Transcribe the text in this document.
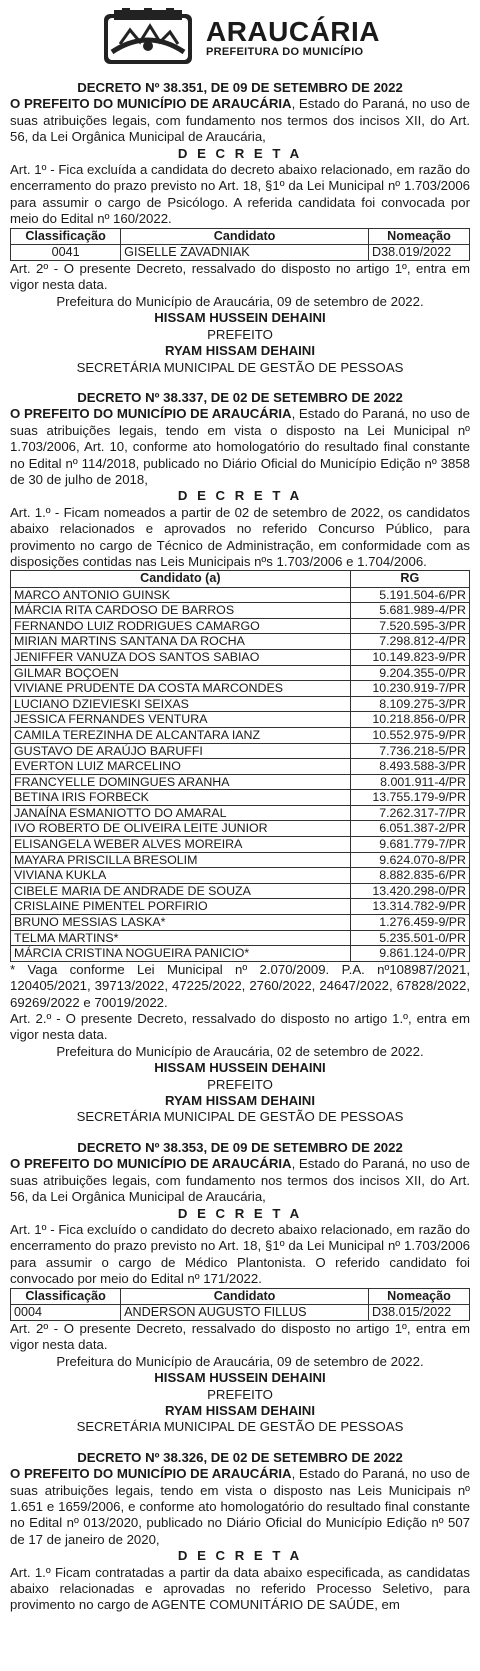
ARAUCÁRIA
PREFEITURA DO MUNICÍPIO
DECRETO Nº 38.351, DE 09 DE SETEMBRO DE 2022

O PREFEITO DO MUNICÍPIO DE ARAUCÁRIA, Estado do Paraná, no uso de suas atribuições legais, com fundamento nos termos dos incisos XII, do Art. 56, da Lei Orgânica Municipal de Araucária,

D E C R E T A

Art. 1º - Fica excluída a candidata do decreto abaixo relacionado, em razão do encerramento do prazo previsto no Art. 18, §1º da Lei Municipal nº 1.703/2006 para assumir o cargo de Psicólogo. A referida candidata foi convocada por meio do Edital nº 160/2022.

Classificação	Candidato	Nomeação
0041	GISELLE ZAVADNIAK	D38.019/2022

Art. 2º - O presente Decreto, ressalvado do disposto no artigo 1º, entra em vigor nesta data.

Prefeitura do Município de Araucária, 09 de setembro de 2022.
HISSAM HUSSEIN DEHAINI
PREFEITO
RYAM HISSAM DEHAINI
SECRETÁRIA MUNICIPAL DE GESTÃO DE PESSOAS
DECRETO Nº 38.337, DE 02 DE SETEMBRO DE 2022

O PREFEITO DO MUNICÍPIO DE ARAUCÁRIA, Estado do Paraná, no uso de suas atribuições legais, tendo em vista o disposto na Lei Municipal nº 1.703/2006, Art. 10, conforme ato homologatório do resultado final constante no Edital nº 114/2018, publicado no Diário Oficial do Município Edição nº 3858 de 30 de julho de 2018,

D E C R E T A

Art. 1.º - Ficam nomeados a partir de 02 de setembro de 2022, os candidatos abaixo relacionados e aprovados no referido Concurso Público, para provimento no cargo de Técnico de Administração, em conformidade com as disposições contidas nas Leis Municipais nºs 1.703/2006 e 1.704/2006.

Candidato (a)	RG
MARCO ANTONIO GUINSK	5.191.504-6/PR
MÁRCIA RITA CARDOSO DE BARROS	5.681.989-4/PR
FERNANDO LUIZ RODRIGUES CAMARGO	7.520.595-3/PR
MIRIAN MARTINS SANTANA DA ROCHA	7.298.812-4/PR
JENIFFER VANUZA DOS SANTOS SABIAO	10.149.823-9/PR
GILMAR BOÇOEN	9.204.355-0/PR
VIVIANE PRUDENTE DA COSTA MARCONDES	10.230.919-7/PR
LUCIANO DZIEVIESKI SEIXAS	8.109.275-3/PR
JESSICA FERNANDES VENTURA	10.218.856-0/PR
CAMILA TEREZINHA DE ALCANTARA IANZ	10.552.975-9/PR
GUSTAVO DE ARAÚJO BARUFFI	7.736.218-5/PR
EVERTON LUIZ MARCELINO	8.493.588-3/PR
FRANCYELLE DOMINGUES ARANHA	8.001.911-4/PR
BETINA IRIS FORBECK	13.755.179-9/PR
JANAÍNA ESMANIOTTO DO AMARAL	7.262.317-7/PR
IVO ROBERTO DE OLIVEIRA LEITE JUNIOR	6.051.387-2/PR
ELISANGELA WEBER ALVES MOREIRA	9.681.779-7/PR
MAYARA PRISCILLA BRESOLIM	9.624.070-8/PR
VIVIANA KUKLA	8.882.835-6/PR
CIBELE MARIA DE ANDRADE DE SOUZA	13.420.298-0/PR
CRISLAINE PIMENTEL PORFIRIO	13.314.782-9/PR
BRUNO MESSIAS LASKA*	1.276.459-9/PR
TELMA MARTINS*	5.235.501-0/PR
MÁRCIA CRISTINA NOGUEIRA PANICIO*	9.861.124-0/PR

* Vaga conforme Lei Municipal nº 2.070/2009. P.A. nº108987/2021, 120405/2021, 39713/2022, 47225/2022, 2760/2022, 24647/2022, 67828/2022, 69269/2022 e 70019/2022.

Art. 2.º - O presente Decreto, ressalvado do disposto no artigo 1.º, entra em vigor nesta data.

Prefeitura do Município de Araucária, 02 de setembro de 2022.
HISSAM HUSSEIN DEHAINI
PREFEITO
RYAM HISSAM DEHAINI
SECRETÁRIA MUNICIPAL DE GESTÃO DE PESSOAS
DECRETO Nº 38.353, DE 09 DE SETEMBRO DE 2022

O PREFEITO DO MUNICÍPIO DE ARAUCÁRIA, Estado do Paraná, no uso de suas atribuições legais, com fundamento nos termos dos incisos XII, do Art. 56, da Lei Orgânica Municipal de Araucária,

D E C R E T A

Art. 1º - Fica excluído o candidato do decreto abaixo relacionado, em razão do encerramento do prazo previsto no Art. 18, §1º da Lei Municipal nº 1.703/2006 para assumir o cargo de Médico Plantonista. O referido candidato foi convocado por meio do Edital nº 171/2022.

Classificação	Candidato	Nomeação
0004	ANDERSON AUGUSTO FILLUS	D38.015/2022

Art. 2º - O presente Decreto, ressalvado do disposto no artigo 1º, entra em vigor nesta data.

Prefeitura do Município de Araucária, 09 de setembro de 2022.
HISSAM HUSSEIN DEHAINI
PREFEITO
RYAM HISSAM DEHAINI
SECRETÁRIA MUNICIPAL DE GESTÃO DE PESSOAS
DECRETO Nº 38.326, DE 02 DE SETEMBRO DE 2022

O PREFEITO DO MUNICÍPIO DE ARAUCÁRIA, Estado do Paraná, no uso de suas atribuições legais, tendo em vista o disposto nas Leis Municipais nº 1.651 e 1659/2006, e conforme ato homologatório do resultado final constante no Edital nº 013/2020, publicado no Diário Oficial do Município Edição nº 507 de 17 de janeiro de 2020,

D E C R E T A

Art. 1.º Ficam contratadas a partir da data abaixo especificada, as candidatas abaixo relacionadas e aprovadas no referido Processo Seletivo, para provimento no cargo de AGENTE COMUNITÁRIO DE SAÚDE, em
